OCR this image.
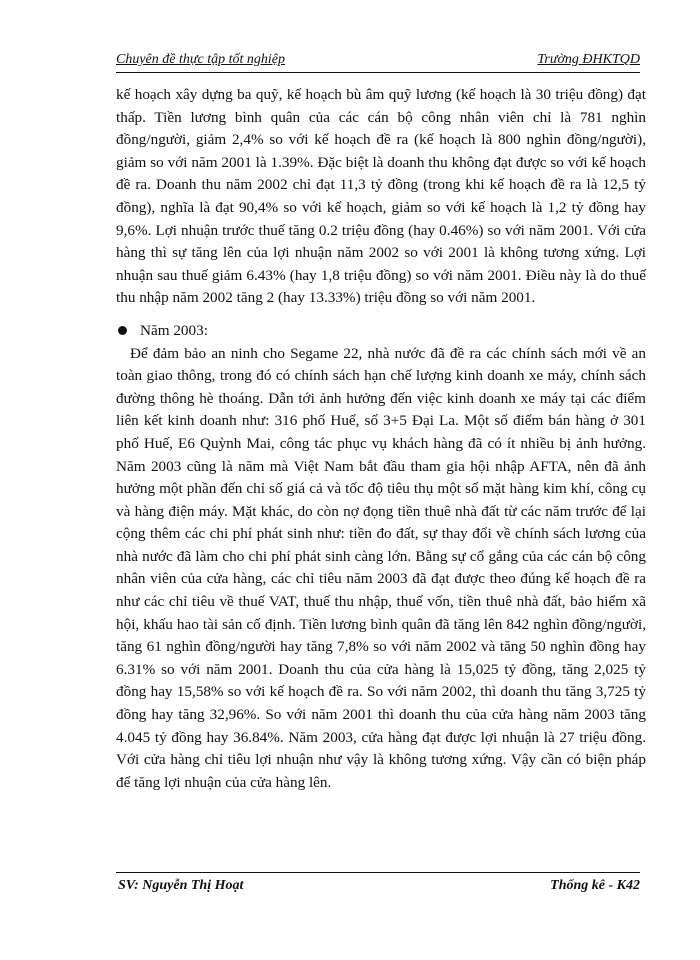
Chuyên đề thực tập tốt nghiệp	Trường ĐHKTQD

kế hoạch xây dựng ba quỹ, kế hoạch bù âm quỹ lương (kế hoạch là 30 triệu đồng) đạt thấp. Tiền lương bình quân của các cán bộ công nhân viên chỉ là 781 nghìn đồng/người, giảm 2,4% so với kế hoạch đề ra (kế hoạch là 800 nghìn đồng/người), giảm so với năm 2001 là 1.39%. Đặc biệt là doanh thu không đạt được so với kế hoạch đề ra. Doanh thu năm 2002 chỉ đạt 11,3 tỷ đồng (trong khi kế hoạch đề ra là 12,5 tỷ đồng), nghĩa là đạt 90,4% so với kế hoạch, giảm so với kế hoạch là 1,2 tỷ đồng hay 9,6%. Lợi nhuận trước thuế tăng 0.2 triệu đồng (hay 0.46%) so với năm 2001. Với cửa hàng thì sự tăng lên của lợi nhuận năm 2002 so với 2001 là không tương xứng. Lợi nhuận sau thuế giảm 6.43% (hay 1,8 triệu đồng) so với năm 2001. Điều này là do thuế thu nhập năm 2002 tăng 2 (hay 13.33%) triệu đồng so với năm 2001.

Năm 2003:

Để đảm bảo an ninh cho Segame 22, nhà nước đã đề ra các chính sách mới về an toàn giao thông, trong đó có chính sách hạn chế lượng kinh doanh xe máy, chính sách đường thông hè thoáng. Dẫn tới ảnh hưởng đến việc kinh doanh xe máy tại các điểm liên kết kinh doanh như: 316 phố Huế, số 3+5 Đại La. Một số điểm bán hàng ở 301 phố Huế, E6 Quỳnh Mai, công tác phục vụ khách hàng đã có ít nhiều bị ảnh hưởng. Năm 2003 cũng là năm mà Việt Nam bắt đầu tham gia hội nhập AFTA, nên đã ảnh hưởng một phần đến chỉ số giá cả và tốc độ tiêu thụ một số mặt hàng kim khí, công cụ và hàng điện máy. Mặt khác, do còn nợ đọng tiền thuê nhà đất từ các năm trước để lại cộng thêm các chi phí phát sinh như: tiền đo đất, sự thay đổi về chính sách lương của nhà nước đã làm cho chi phí phát sinh càng lớn. Bằng sự cố gắng của các cán bộ công nhân viên của cửa hàng, các chỉ tiêu năm 2003 đã đạt được theo đúng kế hoạch đề ra như các chỉ tiêu về thuế VAT, thuế thu nhập, thuế vốn, tiền thuê nhà đất, bảo hiểm xã hội, khấu hao tài sản cố định. Tiền lương bình quân đã tăng lên 842 nghìn đồng/người, tăng 61 nghìn đồng/người hay tăng 7,8% so với năm 2002 và tăng 50 nghìn đồng hay 6.31% so với năm 2001. Doanh thu của cửa hàng là 15,025 tỷ đồng, tăng 2,025 tỷ đồng hay 15,58% so với kế hoạch đề ra. So với năm 2002, thì doanh thu tăng 3,725 tỷ đồng hay tăng 32,96%. So với năm 2001 thì doanh thu của cửa hàng năm 2003 tăng 4.045 tỷ đồng hay 36.84%. Năm 2003, cửa hàng đạt được lợi nhuận là 27 triệu đồng. Với cửa hàng chỉ tiêu lợi nhuận như vậy là không tương xứng. Vậy cần có biện pháp để tăng lợi nhuận của cửa hàng lên.

SV: Nguyễn Thị Hoạt	Thống kê - K42
